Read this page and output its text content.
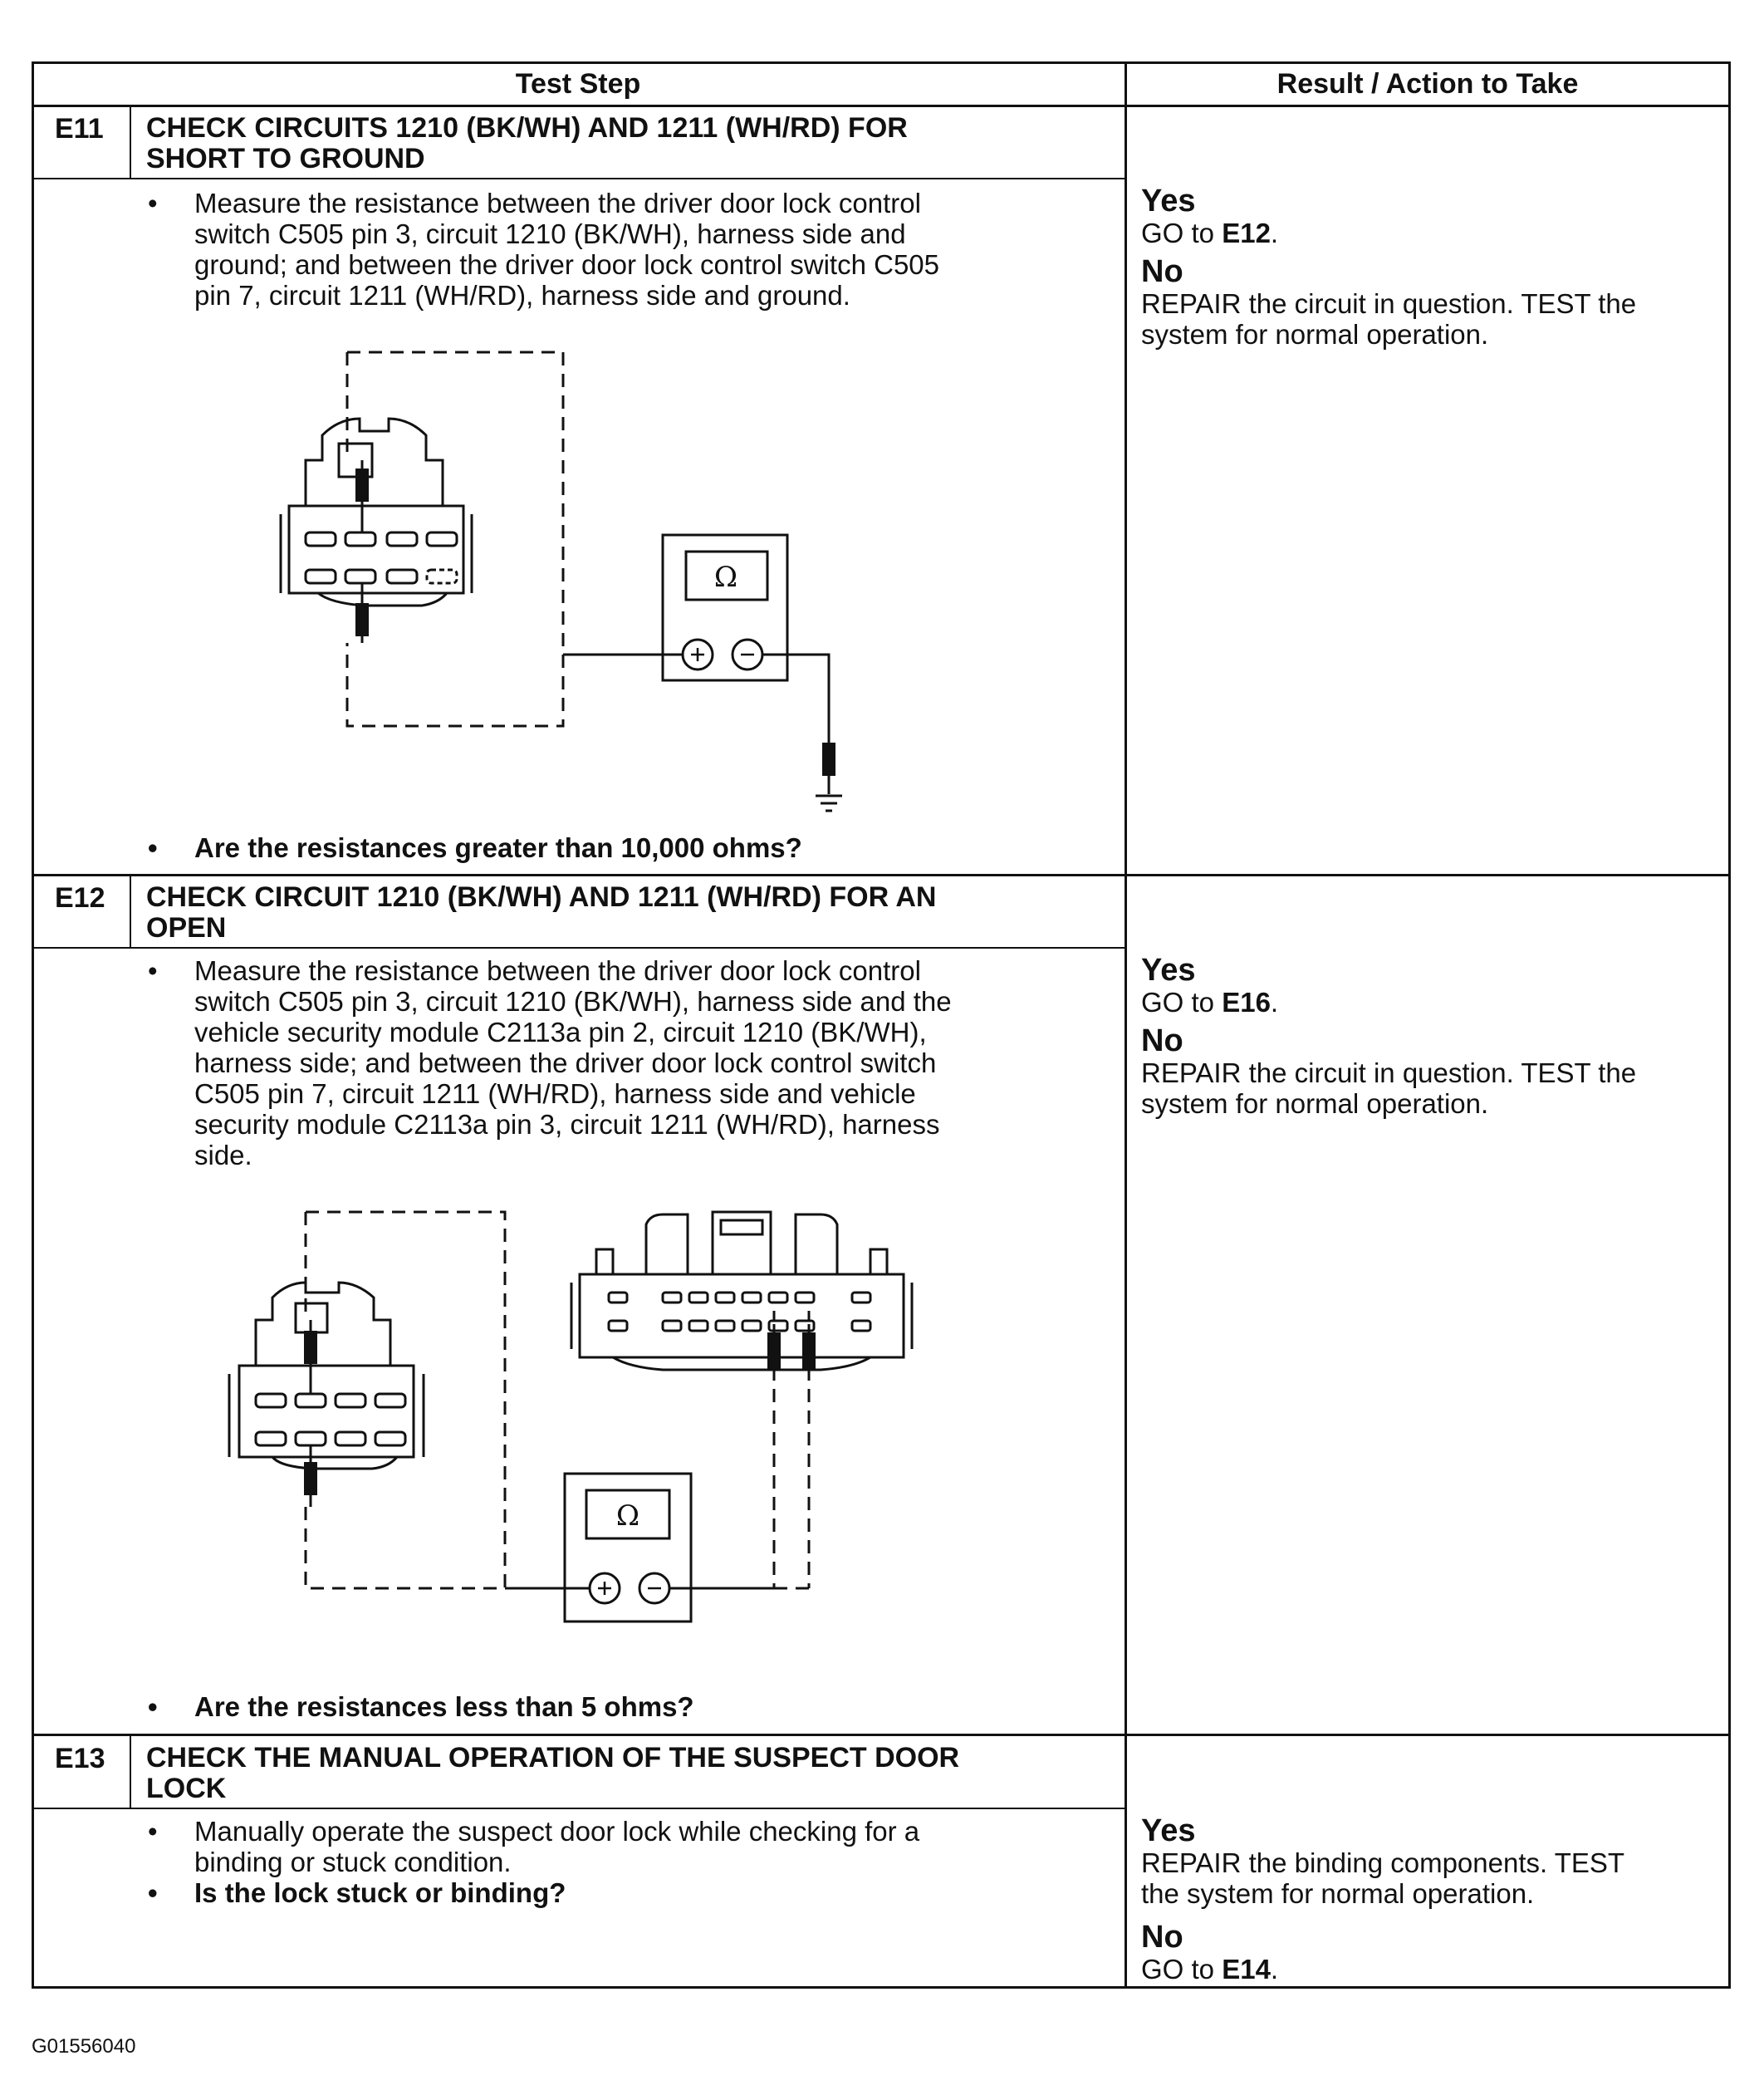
Test Step	Result / Action to Take
E11 CHECK CIRCUITS 1210 (BK/WH) AND 1211 (WH/RD) FOR
SHORT TO GROUND
• Measure the resistance between the driver door lock control
switch C505 pin 3, circuit 1210 (BK/WH), harness side and
ground; and between the driver door lock control switch C505
pin 7, circuit 1211 (WH/RD), harness side and ground.
Ω
• Are the resistances greater than 10,000 ohms?
Yes
GO to E12.
No
REPAIR the circuit in question. TEST the
system for normal operation.
E12 CHECK CIRCUIT 1210 (BK/WH) AND 1211 (WH/RD) FOR AN
OPEN
• Measure the resistance between the driver door lock control
switch C505 pin 3, circuit 1210 (BK/WH), harness side and the
vehicle security module C2113a pin 2, circuit 1210 (BK/WH),
harness side; and between the driver door lock control switch
C505 pin 7, circuit 1211 (WH/RD), harness side and vehicle
security module C2113a pin 3, circuit 1211 (WH/RD), harness
side.
Ω
• Are the resistances less than 5 ohms?
Yes
GO to E16.
No
REPAIR the circuit in question. TEST the
system for normal operation.
E13 CHECK THE MANUAL OPERATION OF THE SUSPECT DOOR
LOCK
• Manually operate the suspect door lock while checking for a
binding or stuck condition.
• Is the lock stuck or binding?
Yes
REPAIR the binding components. TEST
the system for normal operation.
No
GO to E14.
G01556040
